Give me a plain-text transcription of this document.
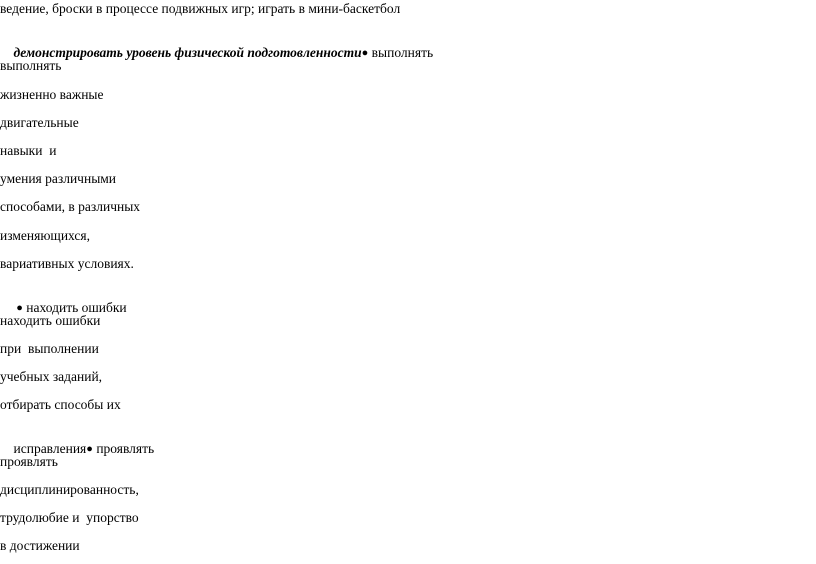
ведение, броски в процессе подвижных игр; играть в мини-баскетбол

демонстрировать уровень физической подготовленности● выполнять

выполнять
жизненно важные
двигательные
навыки  и
умения различными
способами, в различных
изменяющихся,
вариативных условиях.

● находить ошибки

находить ошибки
при  выполнении
учебных заданий,
отбирать способы их

исправления● проявлять

проявлять
дисциплинированность,
трудолюбие и  упорство
в достижении
